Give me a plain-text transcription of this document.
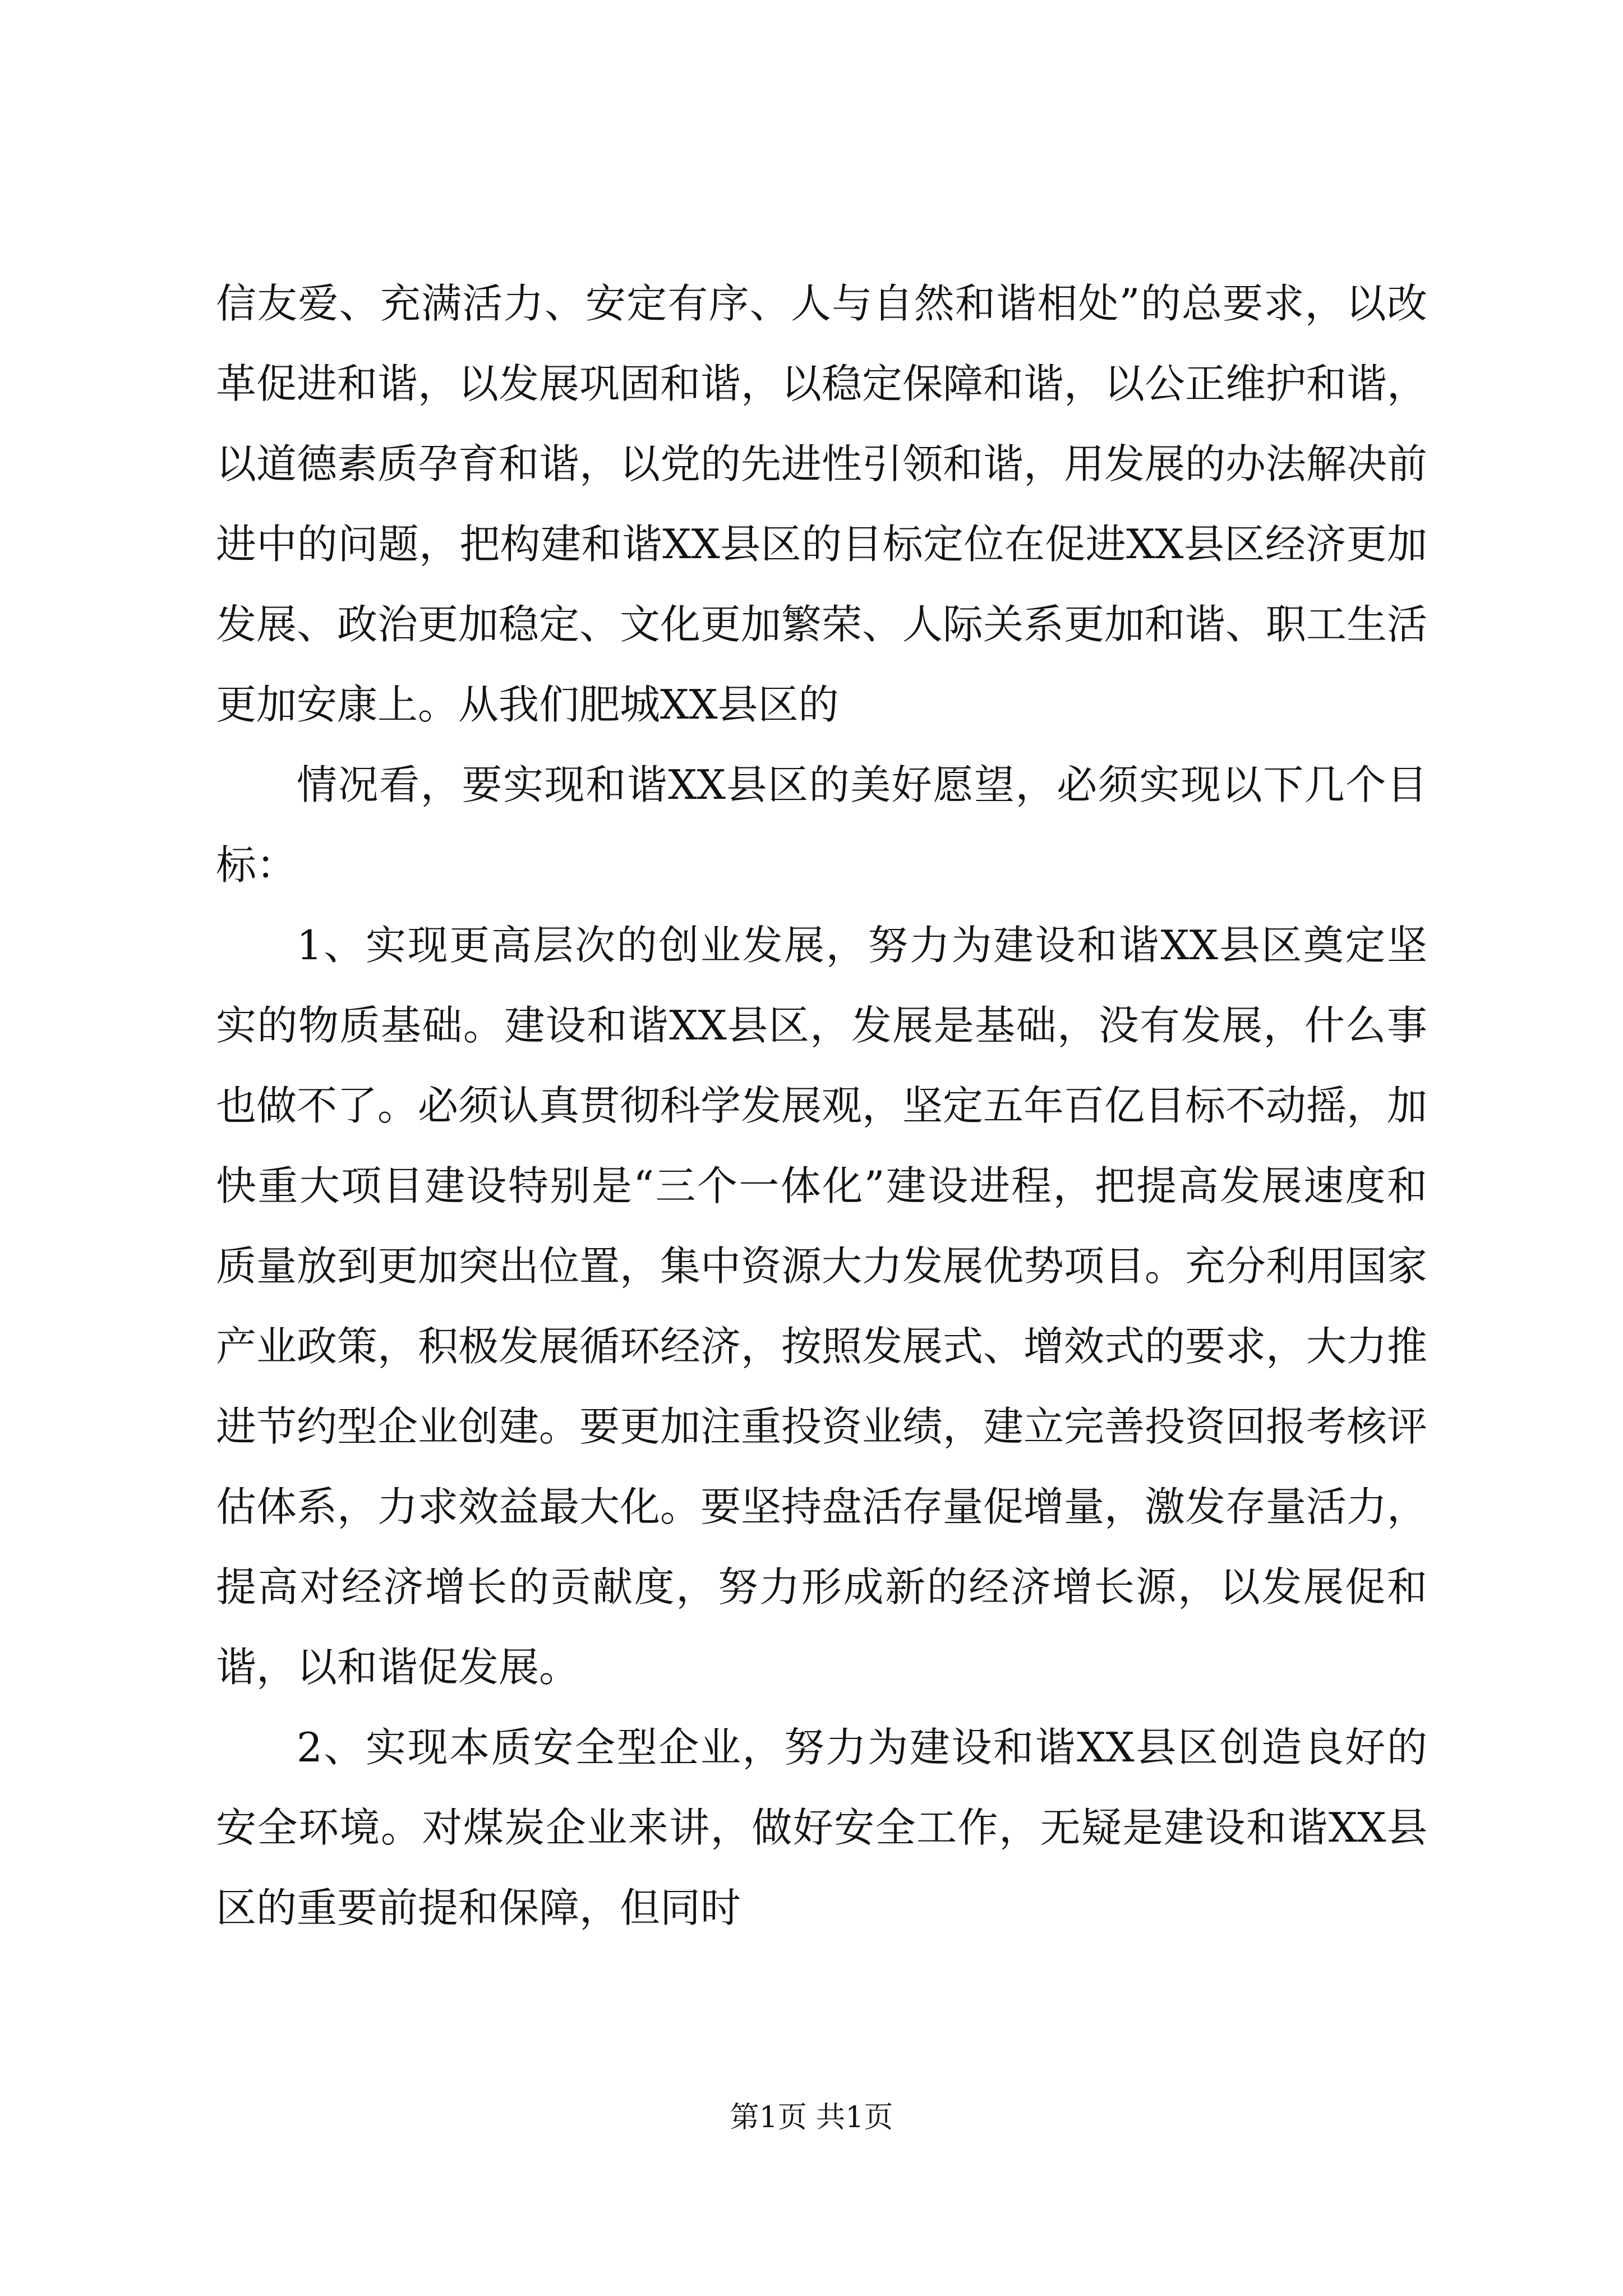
信友爱、充满活力、安定有序、人与自然和谐相处”的总要求，以改革促进和谐，以发展巩固和谐，以稳定保障和谐，以公正维护和谐，以道德素质孕育和谐，以党的先进性引领和谐，用发展的办法解决前进中的问题，把构建和谐XX县区的目标定位在促进XX县区经济更加发展、政治更加稳定、文化更加繁荣、人际关系更加和谐、职工生活更加安康上。从我们肥城XX县区的

情况看，要实现和谐XX县区的美好愿望，必须实现以下几个目标：

1、实现更高层次的创业发展，努力为建设和谐XX县区奠定坚实的物质基础。建设和谐XX县区，发展是基础，没有发展，什么事也做不了。必须认真贯彻科学发展观，坚定五年百亿目标不动摇，加快重大项目建设特别是“三个一体化”建设进程，把提高发展速度和质量放到更加突出位置，集中资源大力发展优势项目。充分利用国家产业政策，积极发展循环经济，按照发展式、增效式的要求，大力推进节约型企业创建。要更加注重投资业绩，建立完善投资回报考核评估体系，力求效益最大化。要坚持盘活存量促增量，激发存量活力，提高对经济增长的贡献度，努力形成新的经济增长源，以发展促和谐，以和谐促发展。

2、实现本质安全型企业，努力为建设和谐XX县区创造良好的安全环境。对煤炭企业来讲，做好安全工作，无疑是建设和谐XX县区的重要前提和保障，但同时

第1页 共1页
